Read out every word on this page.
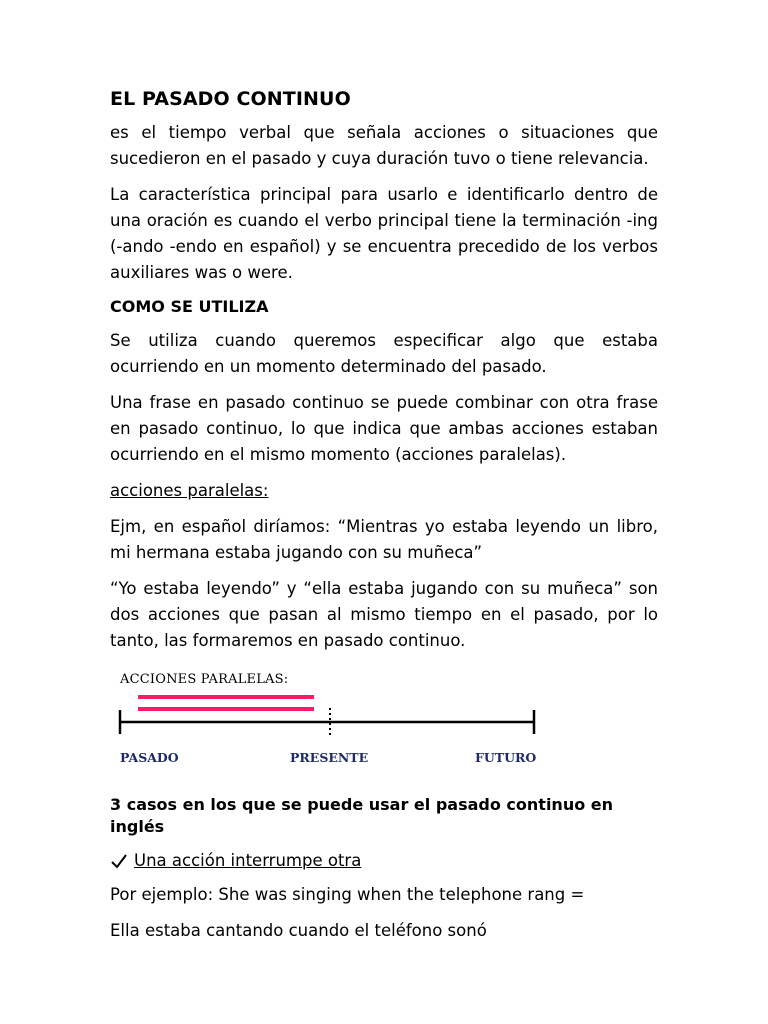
EL PASADO CONTINUO

es el tiempo verbal que señala acciones o situaciones que sucedieron en el pasado y cuya duración tuvo o tiene relevancia.

La característica principal para usarlo e identificarlo dentro de una oración es cuando el verbo principal tiene la terminación -ing (-ando -endo en español) y se encuentra precedido de los verbos auxiliares was o were.

COMO SE UTILIZA

Se utiliza cuando queremos especificar algo que estaba ocurriendo en un momento determinado del pasado.

Una frase en pasado continuo se puede combinar con otra frase en pasado continuo, lo que indica que ambas acciones estaban ocurriendo en el mismo momento (acciones paralelas).

acciones paralelas:

Ejm, en español diríamos: “Mientras yo estaba leyendo un libro, mi hermana estaba jugando con su muñeca”

“Yo estaba leyendo” y “ella estaba jugando con su muñeca” son dos acciones que pasan al mismo tiempo en el pasado, por lo tanto, las formaremos en pasado continuo.

ACCIONES PARALELAS:
PASADO	PRESENTE	FUTURO
3 casos en los que se puede usar el pasado continuo en inglés
Una acción interrumpe otra

Por ejemplo: She was singing when the telephone rang =

Ella estaba cantando cuando el teléfono sonó
